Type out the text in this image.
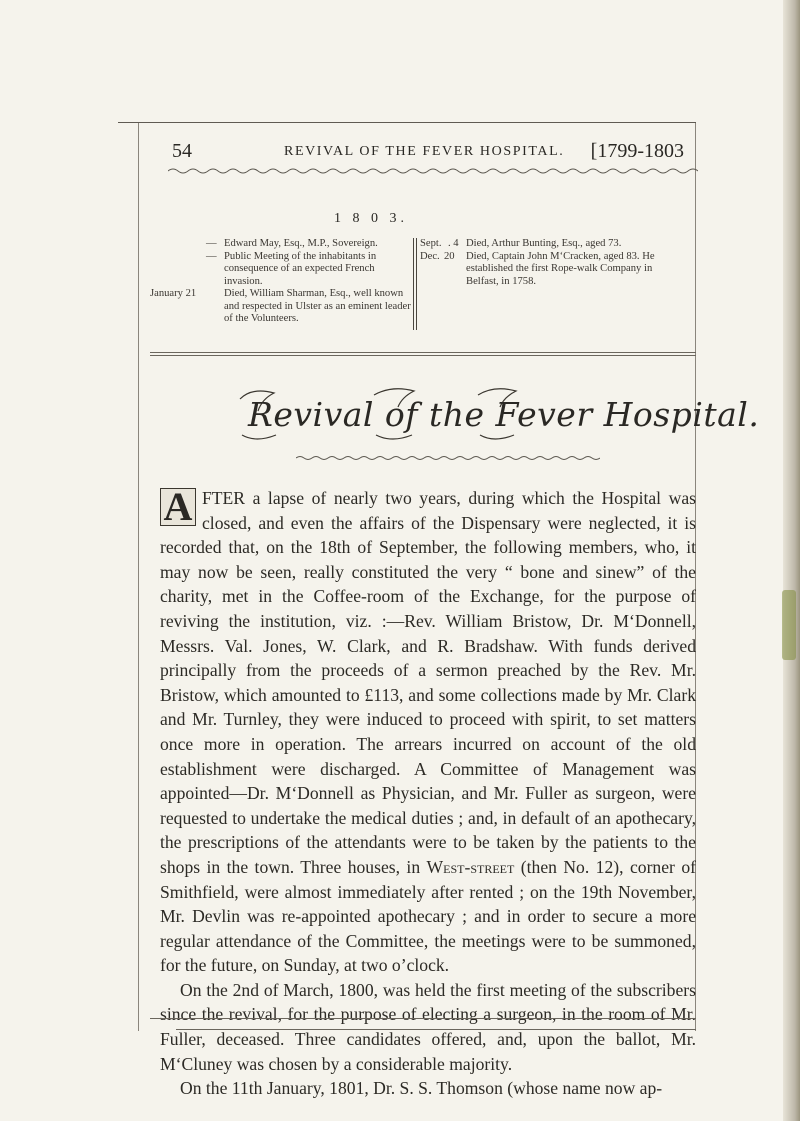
54	REVIVAL OF THE FEVER HOSPITAL. [1799-1803
1 8 0 3.
— Edward May, Esq., M.P., Sovereign.
— Public Meeting of the inhabitants in consequence of an expected French invasion.
January 21	Died, William Sharman, Esq., well known and respected in Ulster as an eminent leader of the Volunteers.
Sept. . 4 Died, Arthur Bunting, Esq., aged 73.
Dec. 20 Died, Captain John M‘Cracken, aged 83. He established the first Rope-walk Company in Belfast, in 1758.
Revival of the Fever Hospital.

FTER a lapse of nearly two years, during which the Hospital was closed, and even the affairs of the Dispensary were neglected, it is recorded that, on the 18th of September, the following members, who, it may now be seen, really constituted the very “ bone and sinew” of the charity, met in the Coffee-room of the Exchange, for the purpose of reviving the institution, viz. :—Rev. William Bristow, Dr. M‘Donnell, Messrs. Val. Jones, W. Clark, and R. Bradshaw. With funds derived principally from the proceeds of a sermon preached by the Rev. Mr. Bristow, which amounted to £113, and some collections made by Mr. Clark and Mr. Turnley, they were induced to proceed with spirit, to set matters once more in operation. The arrears incurred on account of the old establishment were discharged. A Committee of Management was appointed—Dr. M‘Donnell as Physician, and Mr. Fuller as surgeon, were requested to undertake the medical duties ; and, in default of an apothecary, the prescriptions of the attendants were to be taken by the patients to the shops in the town. Three houses, in West-street (then No. 12), corner of Smithfield, were almost immediately after rented ; on the 19th November, Mr. Devlin was re-appointed apothecary ; and in order to secure a more regular attendance of the Committee, the meetings were to be summoned, for the future, on Sunday, at two o’clock.

On the 2nd of March, 1800, was held the first meeting of the subscribers since the revival, for the purpose of electing a surgeon, in the room of Mr. Fuller, deceased. Three candidates offered, and, upon the ballot, Mr. M‘Cluney was chosen by a considerable majority.

On the 11th January, 1801, Dr. S. S. Thomson (whose name now ap-

A
